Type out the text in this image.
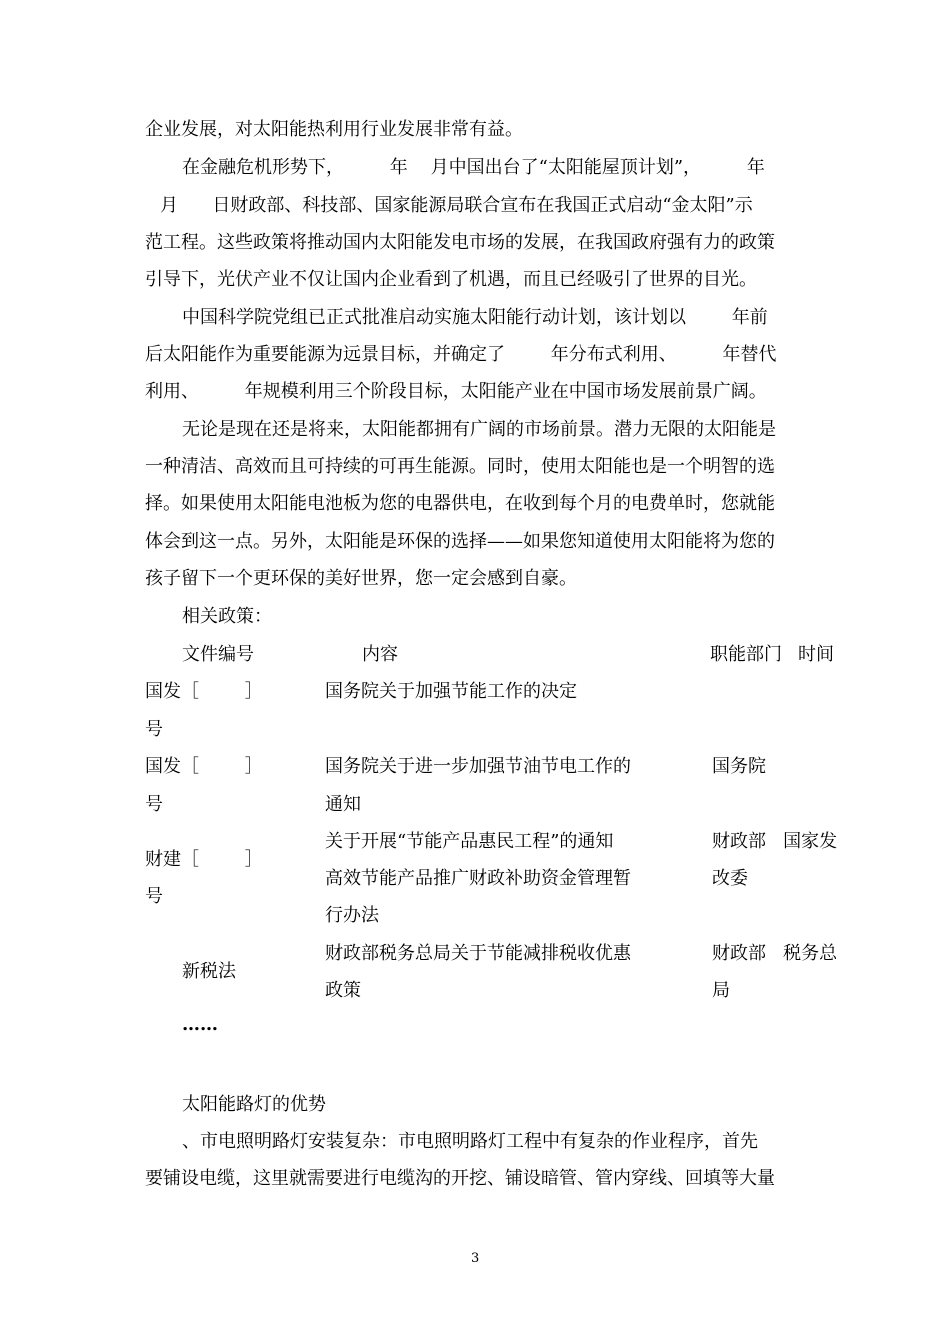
企业发展，对太阳能热利用行业发展非常有益。
在金融危机形势下，        年    月中国出台了“太阳能屋顶计划”，        年
月      日财政部、科技部、国家能源局联合宣布在我国正式启动“金太阳”示
范工程。这些政策将推动国内太阳能发电市场的发展，在我国政府强有力的政策
引导下，光伏产业不仅让国内企业看到了机遇，而且已经吸引了世界的目光。
中国科学院党组已正式批准启动实施太阳能行动计划，该计划以        年前
后太阳能作为重要能源为远景目标，并确定了        年分布式利用、        年替代
利用、        年规模利用三个阶段目标，太阳能产业在中国市场发展前景广阔。
无论是现在还是将来，太阳能都拥有广阔的市场前景。潜力无限的太阳能是
一种清洁、高效而且可持续的可再生能源。同时，使用太阳能也是一个明智的选
择。如果使用太阳能电池板为您的电器供电，在收到每个月的电费单时，您就能
体会到这一点。另外，太阳能是环保的选择——如果您知道使用太阳能将为您的
孩子留下一个更环保的美好世界，您一定会感到自豪。
相关政策：
文件编号	内容	职能部门 时间
国发［        ］
号
国务院关于加强节能工作的决定
国发［        ］
号
国务院关于进一步加强节油节电工作的
通知
国务院
财建［        ］
号
关于开展“节能产品惠民工程”的通知
高效节能产品推广财政补助资金管理暂
行办法
财政部   国家发
改委
新税法
财政部税务总局关于节能减排税收优惠
政策
财政部   税务总
局
……
太阳能路灯的优势
、市电照明路灯安装复杂：市电照明路灯工程中有复杂的作业程序，首先
要铺设电缆，这里就需要进行电缆沟的开挖、铺设暗管、管内穿线、回填等大量
3
